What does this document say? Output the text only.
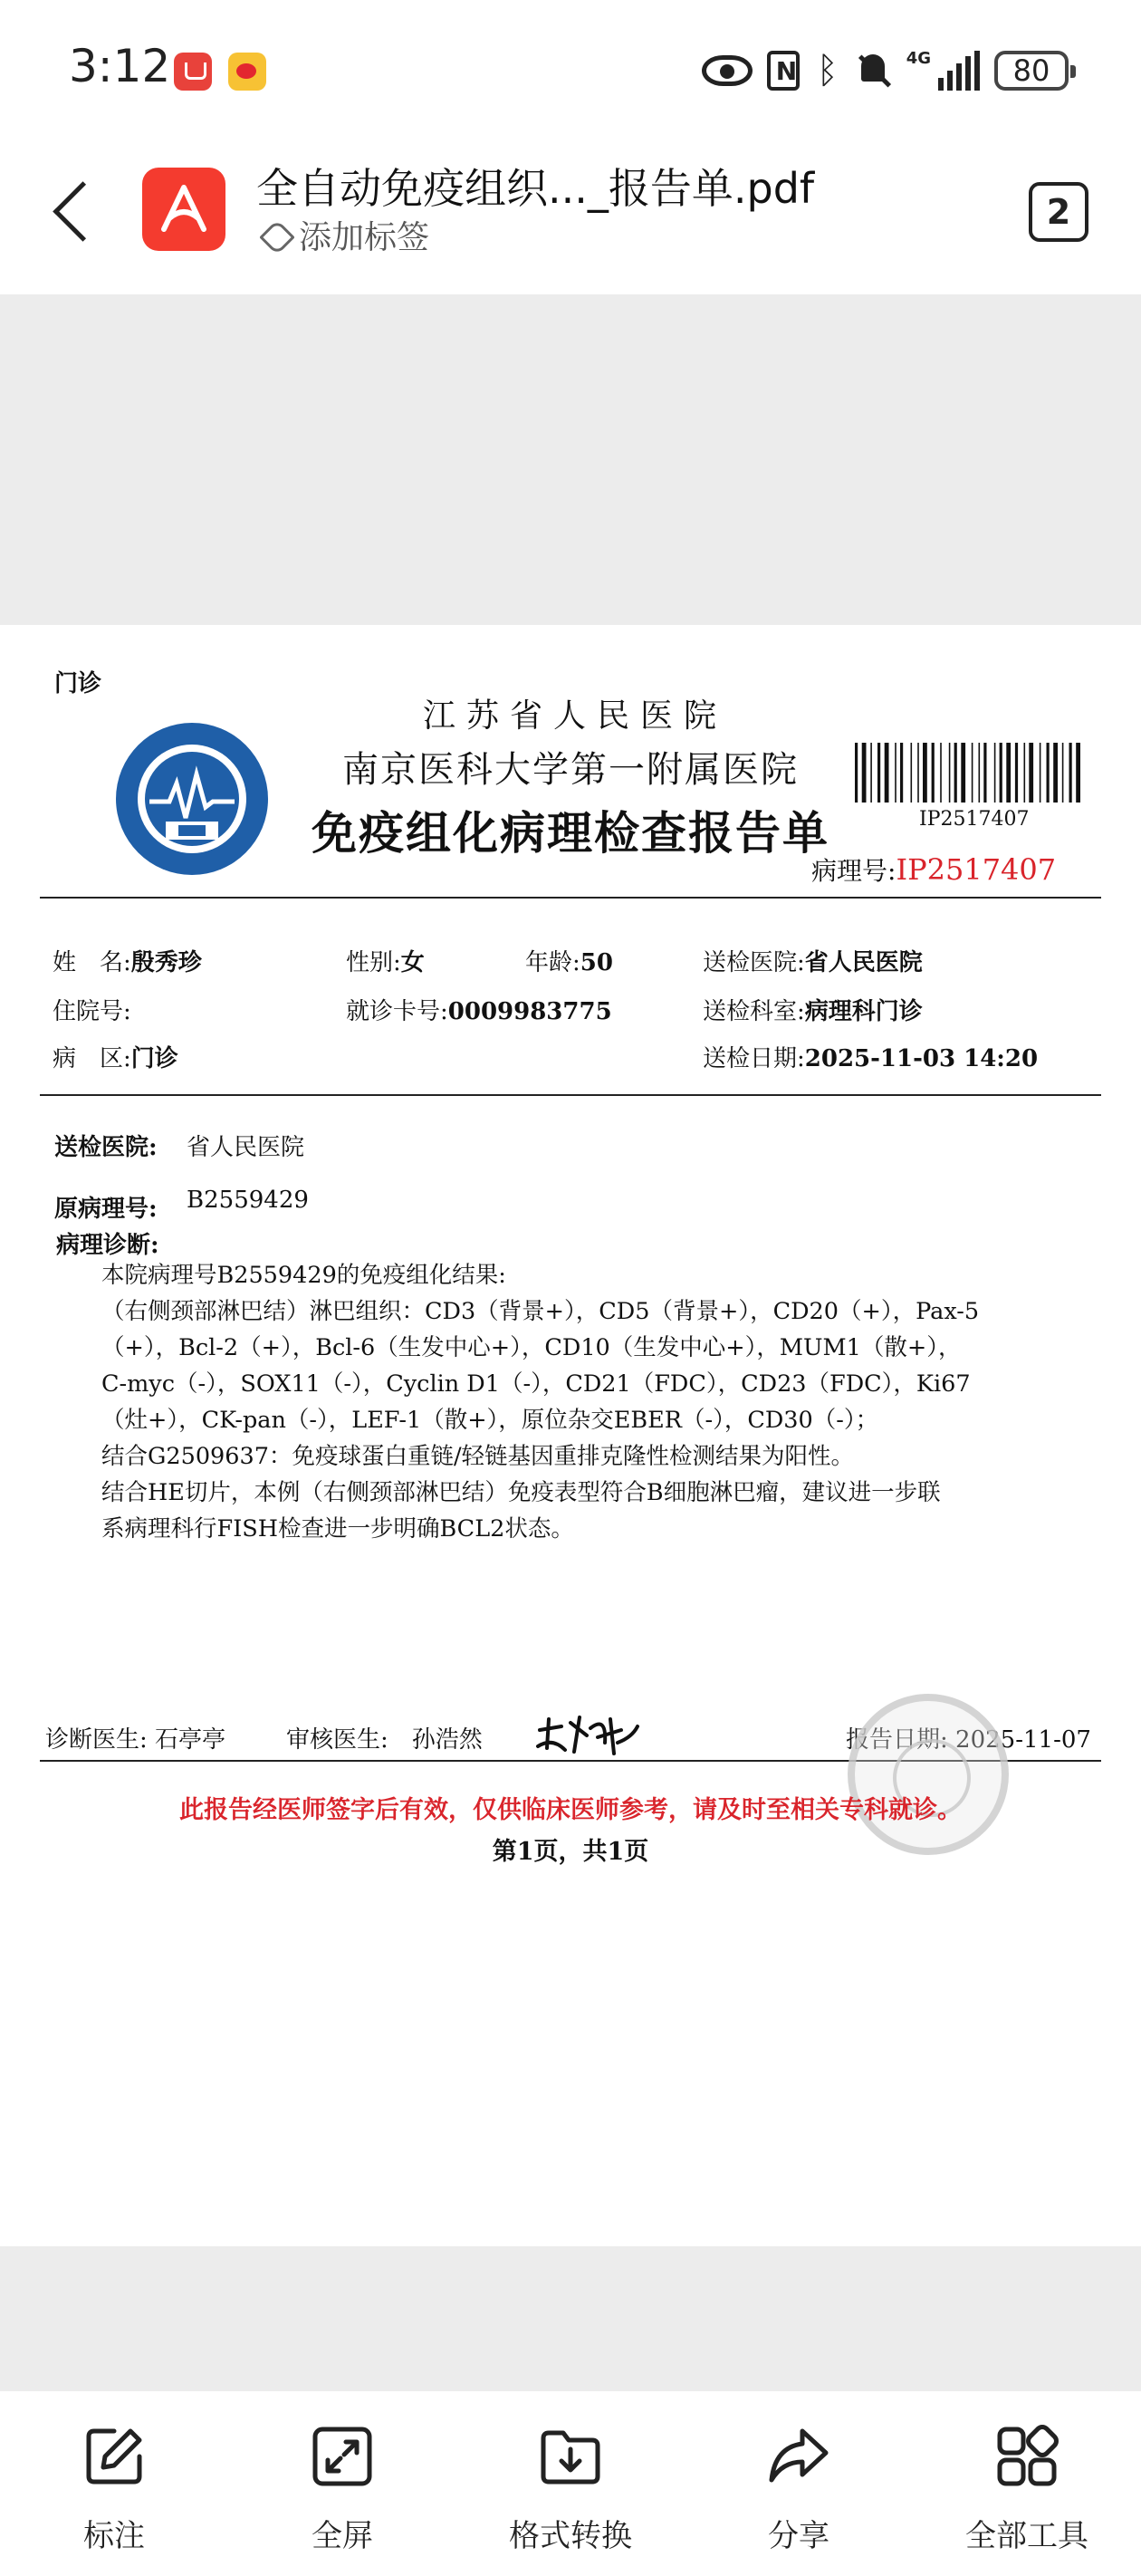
3:12
N	ᛒ	4G	80
全自动免疫组织..._报告单.pdf
添加标签
2
门诊
江苏省人民医院
南京医科大学第一附属医院
免疫组化病理检查报告单	IP2517407
病理号:IP2517407
姓　名:殷秀珍	性别:女	年龄:50	送检医院:省人民医院
住院号:	就诊卡号:0009983775	送检科室:病理科门诊
病　区:门诊	送检日期:2025-11-03 14:20
送检医院: 省人民医院
原病理号: B2559429
病理诊断:
本院病理号B2559429的免疫组化结果:
（右侧颈部淋巴结）淋巴组织：CD3（背景+），CD5（背景+），CD20（+），Pax-5
（+），Bcl-2（+），Bcl-6（生发中心+），CD10（生发中心+），MUM1（散+），
C-myc（-），SOX11（-），Cyclin D1（-），CD21（FDC），CD23（FDC），Ki67
（灶+），CK-pan（-），LEF-1（散+），原位杂交EBER（-），CD30（-）；
结合G2509637：免疫球蛋白重链/轻链基因重排克隆性检测结果为阳性。
结合HE切片，本例（右侧颈部淋巴结）免疫表型符合B细胞淋巴瘤，建议进一步联
系病理科行FISH检查进一步明确BCL2状态。
诊断医生: 石亭亭	审核医生:　 孙浩然	报告日期: 2025-11-07
此报告经医师签字后有效，仅供临床医师参考，请及时至相关专科就诊。
第1页，共1页
标注	全屏	格式转换	分享	全部工具
